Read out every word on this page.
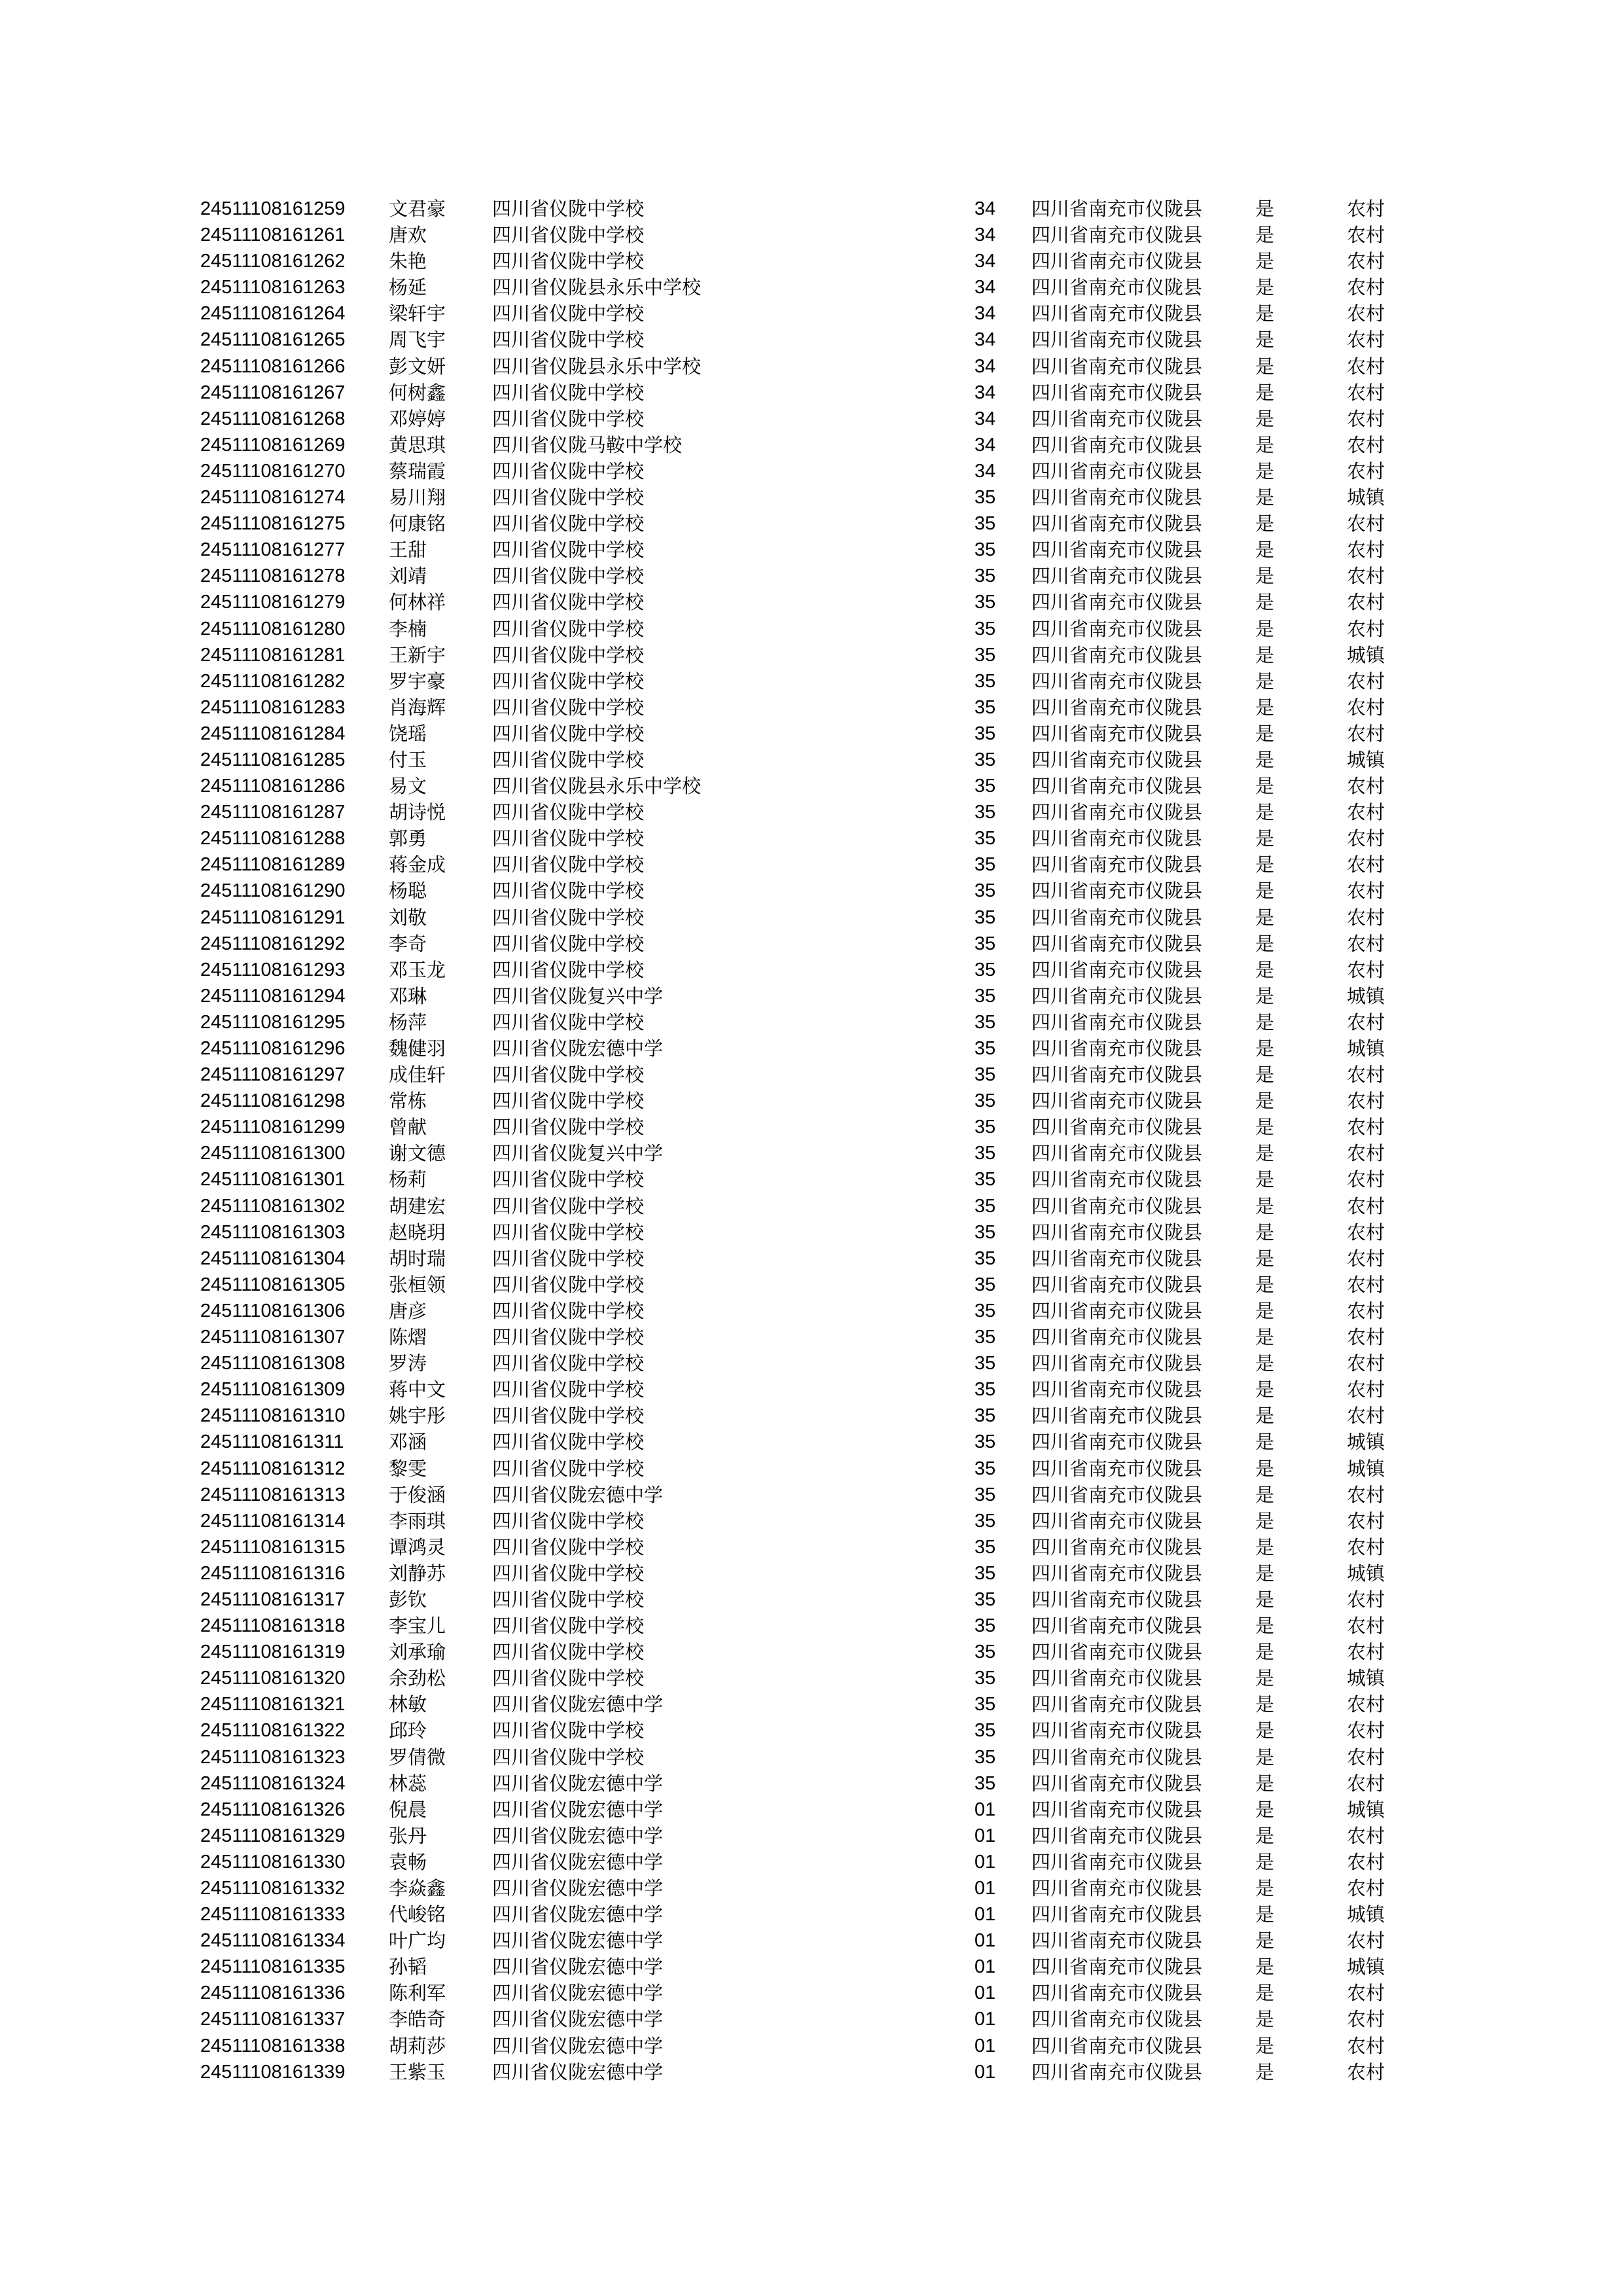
24511108161259 文君豪 四川省仪陇中学校	34 四川省南充市仪陇县	是	农村
24511108161261 唐欢	四川省仪陇中学校	34 四川省南充市仪陇县	是	农村
24511108161262 朱艳	四川省仪陇中学校	34 四川省南充市仪陇县	是	农村
24511108161263 杨延	四川省仪陇县永乐中学校	34 四川省南充市仪陇县	是	农村
24511108161264 梁轩宇 四川省仪陇中学校	34 四川省南充市仪陇县	是	农村
24511108161265 周飞宇 四川省仪陇中学校	34 四川省南充市仪陇县	是	农村
24511108161266 彭文妍 四川省仪陇县永乐中学校	34 四川省南充市仪陇县	是	农村
24511108161267 何树鑫 四川省仪陇中学校	34 四川省南充市仪陇县	是	农村
24511108161268 邓婷婷 四川省仪陇中学校	34 四川省南充市仪陇县	是	农村
24511108161269 黄思琪 四川省仪陇马鞍中学校	34 四川省南充市仪陇县	是	农村
24511108161270 蔡瑞霞 四川省仪陇中学校	34 四川省南充市仪陇县	是	农村
24511108161274 易川翔 四川省仪陇中学校	35 四川省南充市仪陇县	是	城镇
24511108161275 何康铭 四川省仪陇中学校	35 四川省南充市仪陇县	是	农村
24511108161277 王甜	四川省仪陇中学校	35 四川省南充市仪陇县	是	农村
24511108161278 刘靖	四川省仪陇中学校	35 四川省南充市仪陇县	是	农村
24511108161279 何林祥 四川省仪陇中学校	35 四川省南充市仪陇县	是	农村
24511108161280 李楠	四川省仪陇中学校	35 四川省南充市仪陇县	是	农村
24511108161281 王新宇 四川省仪陇中学校	35 四川省南充市仪陇县	是	城镇
24511108161282 罗宇豪 四川省仪陇中学校	35 四川省南充市仪陇县	是	农村
24511108161283 肖海辉 四川省仪陇中学校	35 四川省南充市仪陇县	是	农村
24511108161284 饶瑶	四川省仪陇中学校	35 四川省南充市仪陇县	是	农村
24511108161285 付玉	四川省仪陇中学校	35 四川省南充市仪陇县	是	城镇
24511108161286 易文	四川省仪陇县永乐中学校	35 四川省南充市仪陇县	是	农村
24511108161287 胡诗悦 四川省仪陇中学校	35 四川省南充市仪陇县	是	农村
24511108161288 郭勇	四川省仪陇中学校	35 四川省南充市仪陇县	是	农村
24511108161289 蒋金成 四川省仪陇中学校	35 四川省南充市仪陇县	是	农村
24511108161290 杨聪	四川省仪陇中学校	35 四川省南充市仪陇县	是	农村
24511108161291 刘敬	四川省仪陇中学校	35 四川省南充市仪陇县	是	农村
24511108161292 李奇	四川省仪陇中学校	35 四川省南充市仪陇县	是	农村
24511108161293 邓玉龙 四川省仪陇中学校	35 四川省南充市仪陇县	是	农村
24511108161294 邓琳	四川省仪陇复兴中学	35 四川省南充市仪陇县	是	城镇
24511108161295 杨萍	四川省仪陇中学校	35 四川省南充市仪陇县	是	农村
24511108161296 魏健羽 四川省仪陇宏德中学	35 四川省南充市仪陇县	是	城镇
24511108161297 成佳轩 四川省仪陇中学校	35 四川省南充市仪陇县	是	农村
24511108161298 常栋	四川省仪陇中学校	35 四川省南充市仪陇县	是	农村
24511108161299 曾献	四川省仪陇中学校	35 四川省南充市仪陇县	是	农村
24511108161300 谢文德 四川省仪陇复兴中学	35 四川省南充市仪陇县	是	农村
24511108161301 杨莉	四川省仪陇中学校	35 四川省南充市仪陇县	是	农村
24511108161302 胡建宏 四川省仪陇中学校	35 四川省南充市仪陇县	是	农村
24511108161303 赵晓玥 四川省仪陇中学校	35 四川省南充市仪陇县	是	农村
24511108161304 胡时瑞 四川省仪陇中学校	35 四川省南充市仪陇县	是	农村
24511108161305 张桓领 四川省仪陇中学校	35 四川省南充市仪陇县	是	农村
24511108161306 唐彦	四川省仪陇中学校	35 四川省南充市仪陇县	是	农村
24511108161307 陈熠	四川省仪陇中学校	35 四川省南充市仪陇县	是	农村
24511108161308 罗涛	四川省仪陇中学校	35 四川省南充市仪陇县	是	农村
24511108161309 蒋中文 四川省仪陇中学校	35 四川省南充市仪陇县	是	农村
24511108161310 姚宇彤 四川省仪陇中学校	35 四川省南充市仪陇县	是	农村
24511108161311 邓涵	四川省仪陇中学校	35 四川省南充市仪陇县	是	城镇
24511108161312 黎雯	四川省仪陇中学校	35 四川省南充市仪陇县	是	城镇
24511108161313 于俊涵 四川省仪陇宏德中学	35 四川省南充市仪陇县	是	农村
24511108161314 李雨琪 四川省仪陇中学校	35 四川省南充市仪陇县	是	农村
24511108161315 谭鸿灵 四川省仪陇中学校	35 四川省南充市仪陇县	是	农村
24511108161316 刘静苏 四川省仪陇中学校	35 四川省南充市仪陇县	是	城镇
24511108161317 彭钦	四川省仪陇中学校	35 四川省南充市仪陇县	是	农村
24511108161318 李宝儿 四川省仪陇中学校	35 四川省南充市仪陇县	是	农村
24511108161319 刘承瑜 四川省仪陇中学校	35 四川省南充市仪陇县	是	农村
24511108161320 余劲松 四川省仪陇中学校	35 四川省南充市仪陇县	是	城镇
24511108161321 林敏	四川省仪陇宏德中学	35 四川省南充市仪陇县	是	农村
24511108161322 邱玲	四川省仪陇中学校	35 四川省南充市仪陇县	是	农村
24511108161323 罗倩微 四川省仪陇中学校	35 四川省南充市仪陇县	是	农村
24511108161324 林蕊	四川省仪陇宏德中学	35 四川省南充市仪陇县	是	农村
24511108161326 倪晨	四川省仪陇宏德中学	01 四川省南充市仪陇县	是	城镇
24511108161329 张丹	四川省仪陇宏德中学	01 四川省南充市仪陇县	是	农村
24511108161330 袁畅	四川省仪陇宏德中学	01 四川省南充市仪陇县	是	农村
24511108161332 李焱鑫 四川省仪陇宏德中学	01 四川省南充市仪陇县	是	农村
24511108161333 代峻铭 四川省仪陇宏德中学	01 四川省南充市仪陇县	是	城镇
24511108161334 叶广均 四川省仪陇宏德中学	01 四川省南充市仪陇县	是	农村
24511108161335 孙韬	四川省仪陇宏德中学	01 四川省南充市仪陇县	是	城镇
24511108161336 陈利军 四川省仪陇宏德中学	01 四川省南充市仪陇县	是	农村
24511108161337 李皓奇 四川省仪陇宏德中学	01 四川省南充市仪陇县	是	农村
24511108161338 胡莉莎 四川省仪陇宏德中学	01 四川省南充市仪陇县	是	农村
24511108161339 王紫玉 四川省仪陇宏德中学	01 四川省南充市仪陇县	是	农村
